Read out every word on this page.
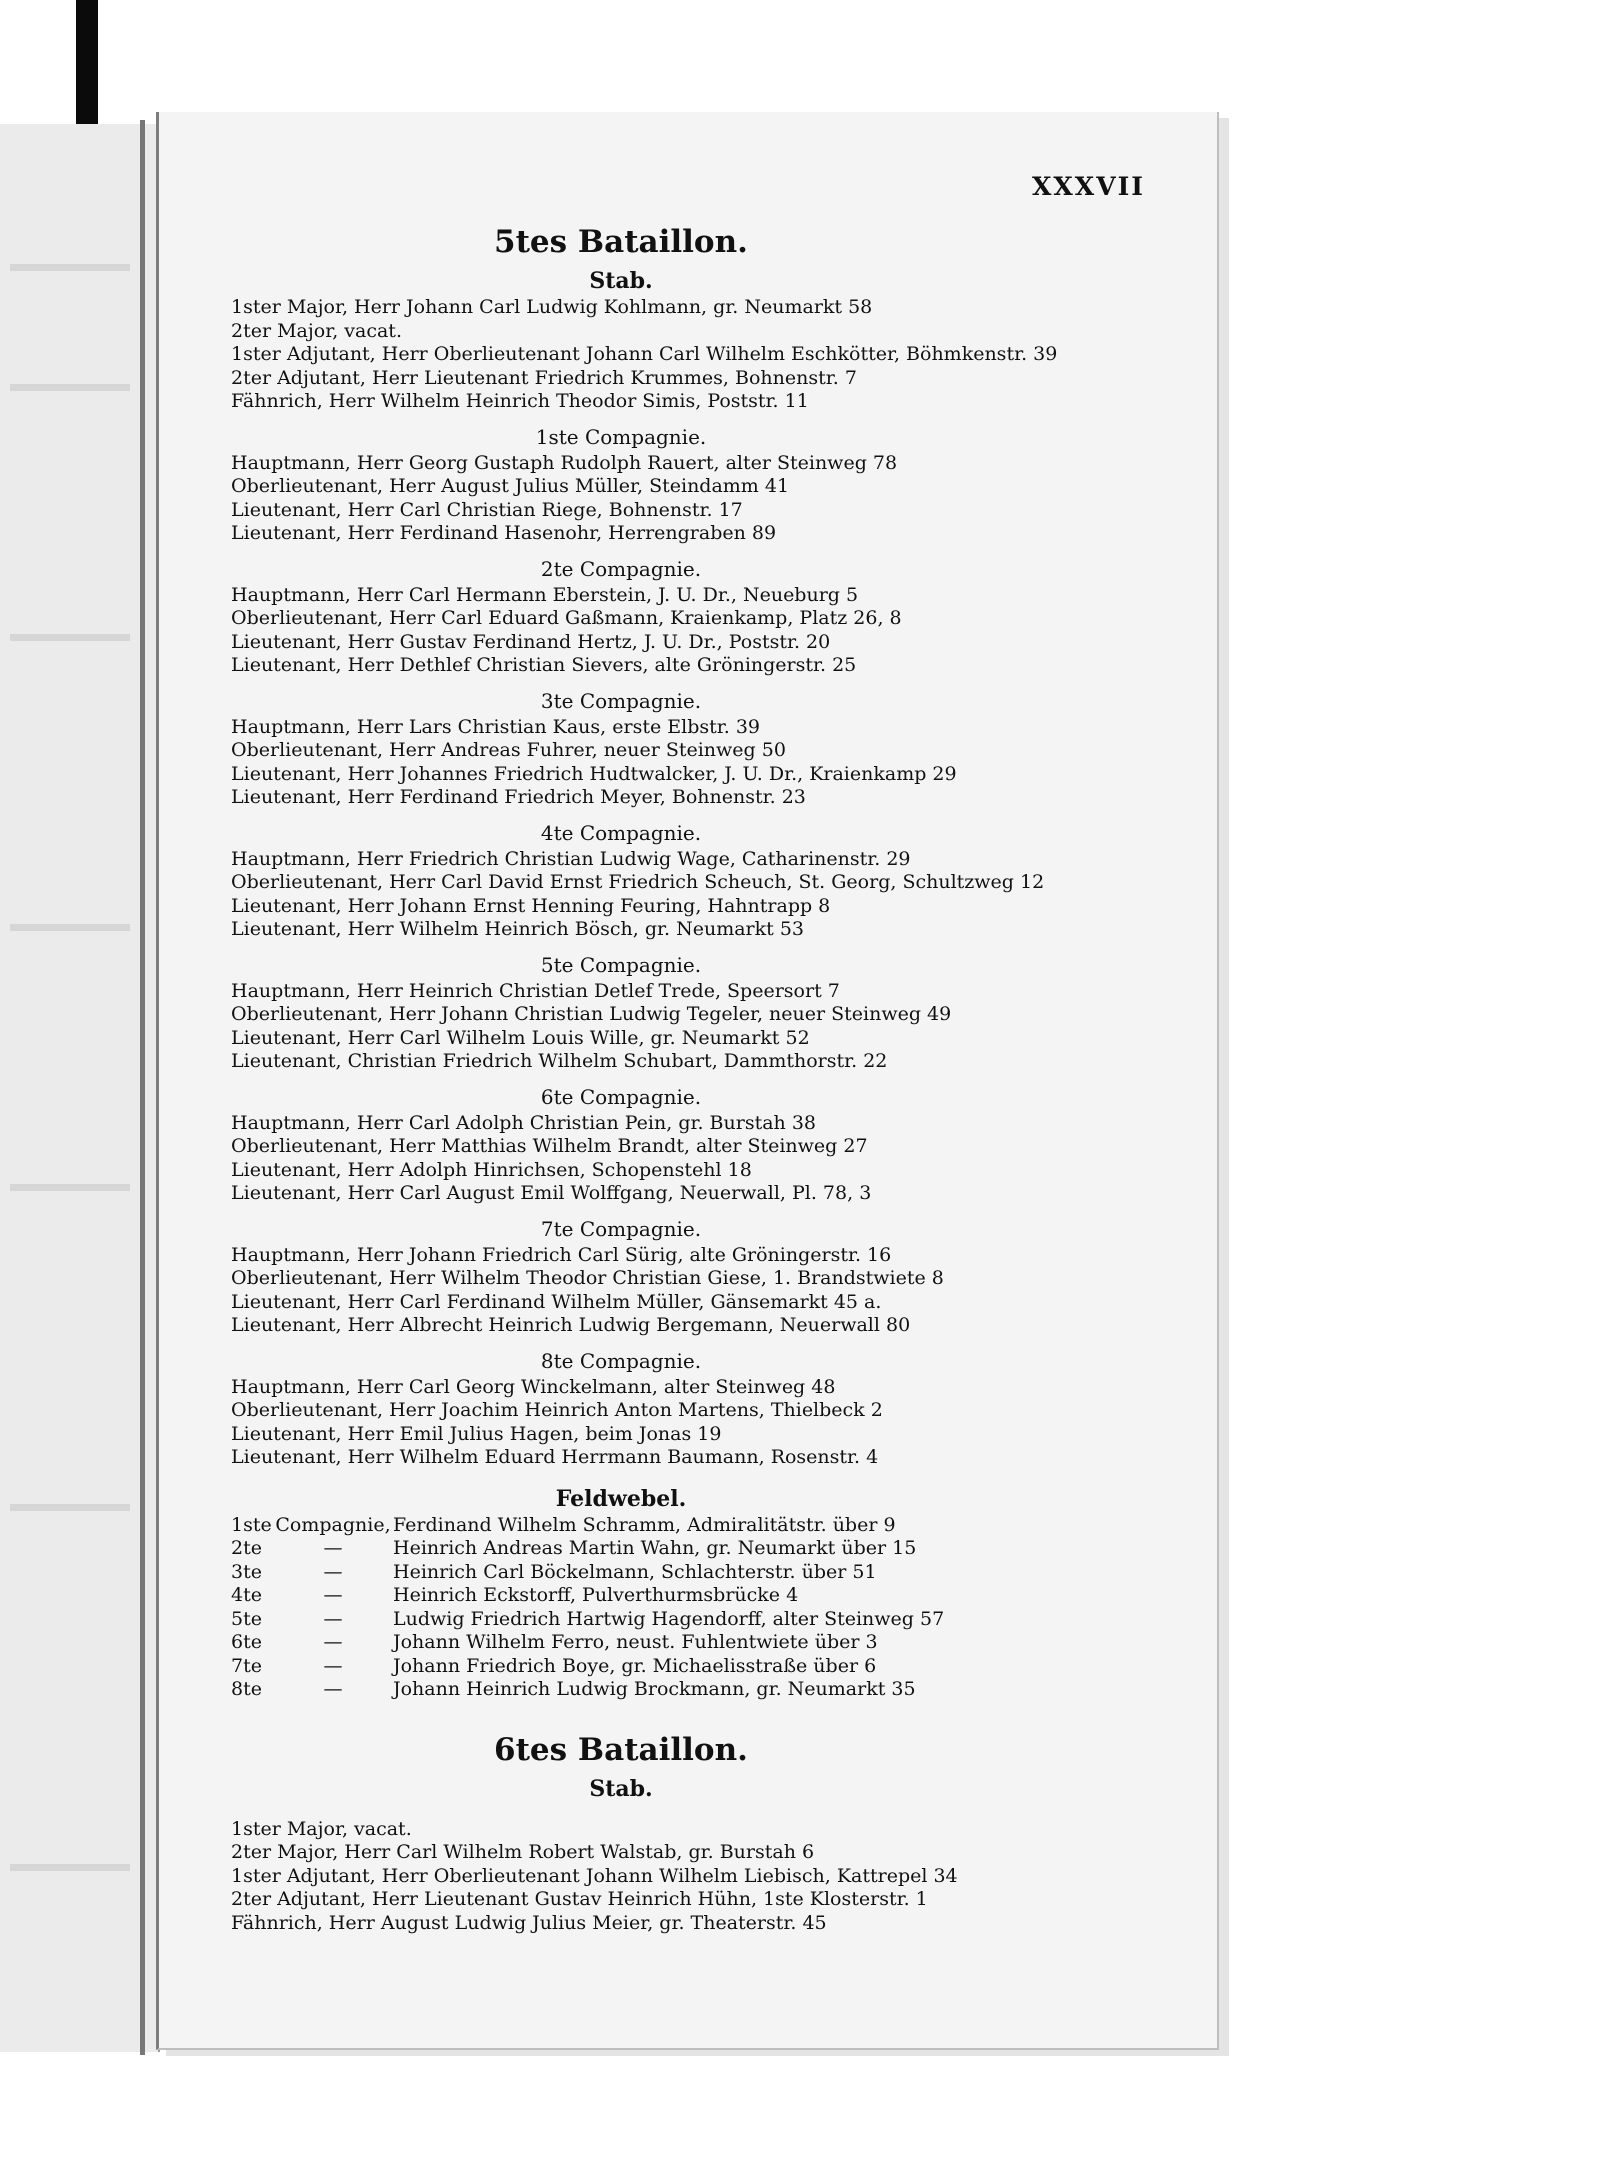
XXXVII
5tes Bataillon.
Stab.
1ster Major, Herr Johann Carl Ludwig Kohlmann, gr. Neumarkt 58
2ter Major, vacat.
1ster Adjutant, Herr Oberlieutenant Johann Carl Wilhelm Eschkötter, Böhmkenstr. 39
2ter Adjutant, Herr Lieutenant Friedrich Krummes, Bohnenstr. 7
Fähnrich, Herr Wilhelm Heinrich Theodor Simis, Poststr. 11
1ste Compagnie.
Hauptmann, Herr Georg Gustaph Rudolph Rauert, alter Steinweg 78
Oberlieutenant, Herr August Julius Müller, Steindamm 41
Lieutenant, Herr Carl Christian Riege, Bohnenstr. 17
Lieutenant, Herr Ferdinand Hasenohr, Herrengraben 89
2te Compagnie.
Hauptmann, Herr Carl Hermann Eberstein, J. U. Dr., Neueburg 5
Oberlieutenant, Herr Carl Eduard Gaßmann, Kraienkamp, Platz 26, 8
Lieutenant, Herr Gustav Ferdinand Hertz, J. U. Dr., Poststr. 20
Lieutenant, Herr Dethlef Christian Sievers, alte Gröningerstr. 25
3te Compagnie.
Hauptmann, Herr Lars Christian Kaus, erste Elbstr. 39
Oberlieutenant, Herr Andreas Fuhrer, neuer Steinweg 50
Lieutenant, Herr Johannes Friedrich Hudtwalcker, J. U. Dr., Kraienkamp 29
Lieutenant, Herr Ferdinand Friedrich Meyer, Bohnenstr. 23
4te Compagnie.
Hauptmann, Herr Friedrich Christian Ludwig Wage, Catharinenstr. 29
Oberlieutenant, Herr Carl David Ernst Friedrich Scheuch, St. Georg, Schultzweg 12
Lieutenant, Herr Johann Ernst Henning Feuring, Hahntrapp 8
Lieutenant, Herr Wilhelm Heinrich Bösch, gr. Neumarkt 53
5te Compagnie.
Hauptmann, Herr Heinrich Christian Detlef Trede, Speersort 7
Oberlieutenant, Herr Johann Christian Ludwig Tegeler, neuer Steinweg 49
Lieutenant, Herr Carl Wilhelm Louis Wille, gr. Neumarkt 52
Lieutenant, Christian Friedrich Wilhelm Schubart, Dammthorstr. 22
6te Compagnie.
Hauptmann, Herr Carl Adolph Christian Pein, gr. Burstah 38
Oberlieutenant, Herr Matthias Wilhelm Brandt, alter Steinweg 27
Lieutenant, Herr Adolph Hinrichsen, Schopenstehl 18
Lieutenant, Herr Carl August Emil Wolffgang, Neuerwall, Pl. 78, 3
7te Compagnie.
Hauptmann, Herr Johann Friedrich Carl Sürig, alte Gröningerstr. 16
Oberlieutenant, Herr Wilhelm Theodor Christian Giese, 1. Brandstwiete 8
Lieutenant, Herr Carl Ferdinand Wilhelm Müller, Gänsemarkt 45 a.
Lieutenant, Herr Albrecht Heinrich Ludwig Bergemann, Neuerwall 80
8te Compagnie.
Hauptmann, Herr Carl Georg Winckelmann, alter Steinweg 48
Oberlieutenant, Herr Joachim Heinrich Anton Martens, Thielbeck 2
Lieutenant, Herr Emil Julius Hagen, beim Jonas 19
Lieutenant, Herr Wilhelm Eduard Herrmann Baumann, Rosenstr. 4
Feldwebel.
1ste Compagnie, Ferdinand Wilhelm Schramm, Admiralitätstr. über 9
2te	—	Heinrich Andreas Martin Wahn, gr. Neumarkt über 15
3te	—	Heinrich Carl Böckelmann, Schlachterstr. über 51
4te	—	Heinrich Eckstorff, Pulverthurmsbrücke 4
5te	—	Ludwig Friedrich Hartwig Hagendorff, alter Steinweg 57
6te	—	Johann Wilhelm Ferro, neust. Fuhlentwiete über 3
7te	—	Johann Friedrich Boye, gr. Michaelisstraße über 6
8te	—	Johann Heinrich Ludwig Brockmann, gr. Neumarkt 35
6tes Bataillon.
Stab.
1ster Major, vacat.
2ter Major, Herr Carl Wilhelm Robert Walstab, gr. Burstah 6
1ster Adjutant, Herr Oberlieutenant Johann Wilhelm Liebisch, Kattrepel 34
2ter Adjutant, Herr Lieutenant Gustav Heinrich Hühn, 1ste Klosterstr. 1
Fähnrich, Herr August Ludwig Julius Meier, gr. Theaterstr. 45
